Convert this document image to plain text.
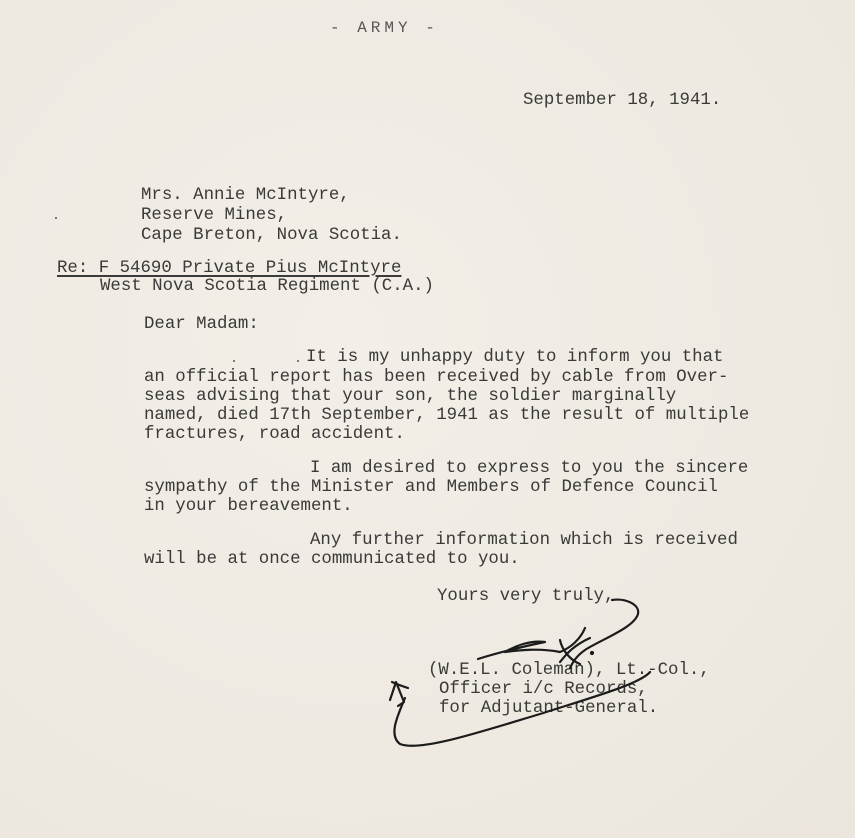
- ARMY -
September 18, 1941.
Mrs. Annie McIntyre,
Reserve Mines,
Cape Breton, Nova Scotia.
Re: F 54690 Private Pius McIntyre
West Nova Scotia Regiment (C.A.)
Dear Madam:
It is my unhappy duty to inform you that
an official report has been received by cable from Over-
seas advising that your son, the soldier marginally
named, died 17th September, 1941 as the result of multiple
fractures, road accident.
I am desired to express to you the sincere
sympathy of the Minister and Members of Defence Council
in your bereavement.
Any further information which is received
will be at once communicated to you.
Yours very truly,
(W.E.L. Coleman), Lt.-Col.,
Officer i/c Records,
for Adjutant-General.
